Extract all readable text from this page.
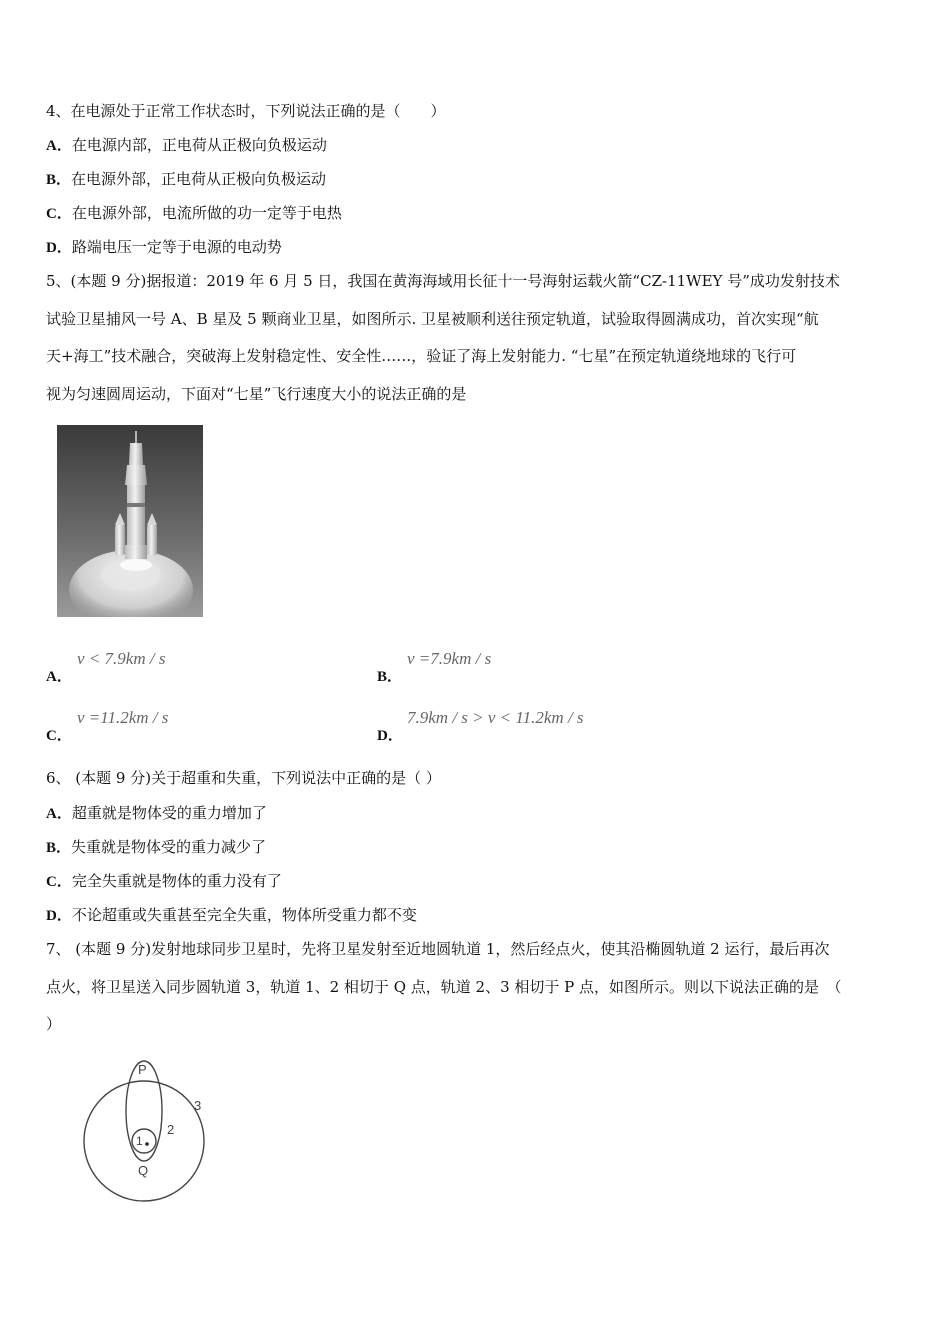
4、在电源处于正常工作状态时，下列说法正确的是（　　）
A．在电源内部，正电荷从正极向负极运动
B．在电源外部，正电荷从正极向负极运动
C．在电源外部，电流所做的功一定等于电热
D．路端电压一定等于电源的电动势
5、(本题 9 分)据报道：2019 年 6 月 5 日，我国在黄海海域用长征十一号海射运载火箭“CZ-11WEY 号”成功发射技术
试验卫星捕风一号 A、B 星及 5 颗商业卫星，如图所示. 卫星被顺利送往预定轨道，试验取得圆满成功，首次实现“航
天+海工”技术融合，突破海上发射稳定性、安全性……，验证了海上发射能力. “七星”在预定轨道绕地球的飞行可
视为匀速圆周运动，下面对“七星”飞行速度大小的说法正确的是
A．
v < 7.9km / s
B．
v =7.9km / s
C．
v =11.2km / s
D．
7.9km / s > v < 11.2km / s
6、 (本题 9 分)关于超重和失重，下列说法中正确的是（ ）
A．超重就是物体受的重力增加了
B．失重就是物体受的重力减少了
C．完全失重就是物体的重力没有了
D．不论超重或失重甚至完全失重，物体所受重力都不变
7、 (本题 9 分)发射地球同步卫星时，先将卫星发射至近地圆轨道 1，然后经点火，使其沿椭圆轨道 2 运行，最后再次
点火，将卫星送入同步圆轨道 3，轨道 1、2 相切于 Q 点，轨道 2、3 相切于 P 点，如图所示。则以下说法正确的是　（
）
P
Q
1
2
3
